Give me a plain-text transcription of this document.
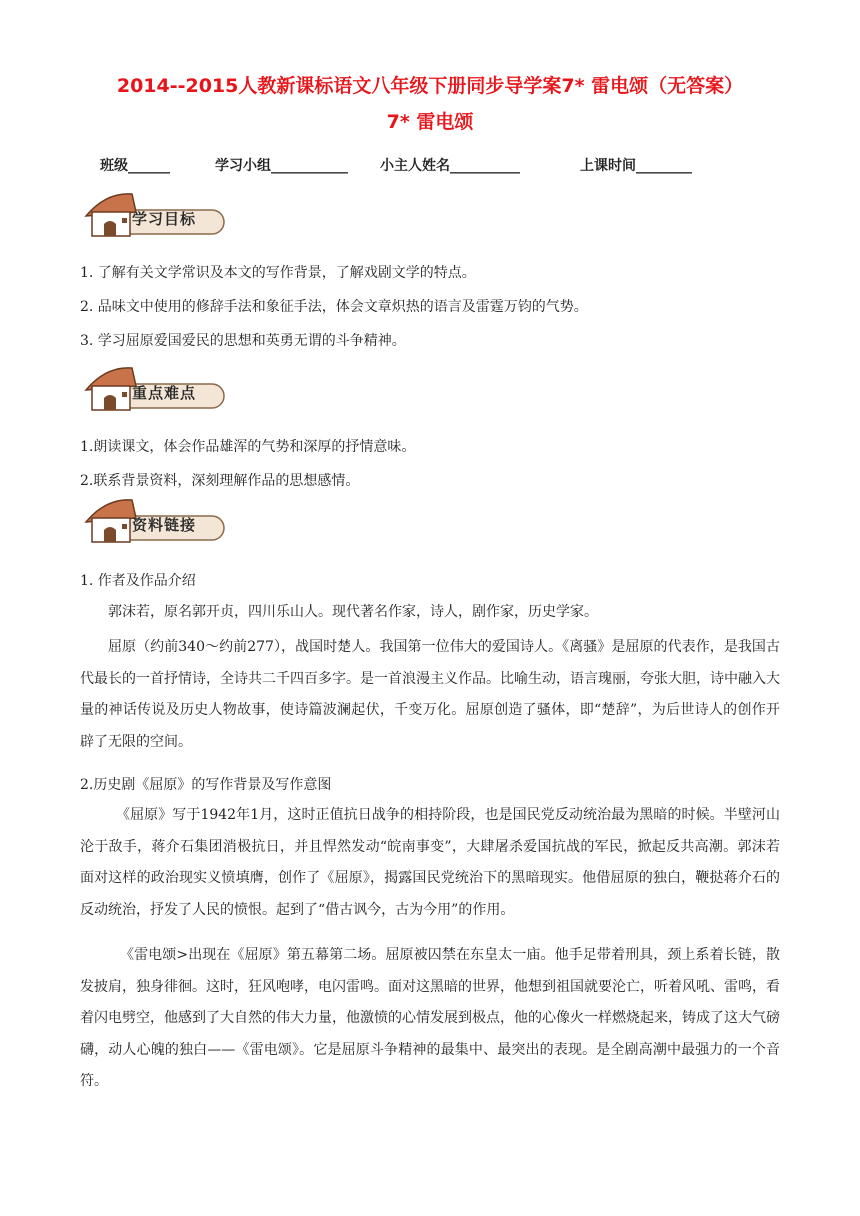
2014--2015人教新课标语文八年级下册同步导学案7* 雷电颂（无答案）
7* 雷电颂
班级______	学习小组___________ 小主人姓名__________	上课时间________
学习目标
1. 了解有关文学常识及本文的写作背景，了解戏剧文学的特点。
2. 品味文中使用的修辞手法和象征手法，体会文章炽热的语言及雷霆万钧的气势。
3. 学习屈原爱国爱民的思想和英勇无谓的斗争精神。
重点难点
1.朗读课文，体会作品雄浑的气势和深厚的抒情意味。
2.联系背景资料，深刻理解作品的思想感情。
资料链接
1. 作者及作品介绍
郭沫若，原名郭开贞，四川乐山人。现代著名作家，诗人，剧作家，历史学家。
屈原（约前340～约前277），战国时楚人。我国第一位伟大的爱国诗人。《离骚》是屈原的代表作，是我国古代最长的一首抒情诗，全诗共二千四百多字。是一首浪漫主义作品。比喻生动，语言瑰丽，夸张大胆，诗中融入大量的神话传说及历史人物故事，使诗篇波澜起伏，千变万化。屈原创造了骚体，即“楚辞”，为后世诗人的创作开辟了无限的空间。
2.历史剧《屈原》的写作背景及写作意图
《屈原》写于1942年1月，这时正值抗日战争的相持阶段，也是国民党反动统治最为黑暗的时候。半壁河山沦于敌手，蒋介石集团消极抗日，并且悍然发动“皖南事变”，大肆屠杀爱国抗战的军民，掀起反共高潮。郭沫若面对这样的政治现实义愤填膺，创作了《屈原》，揭露国民党统治下的黑暗现实。他借屈原的独白，鞭挞蒋介石的反动统治，抒发了人民的愤恨。起到了“借古讽今，古为今用”的作用。
《雷电颂>出现在《屈原》第五幕第二场。屈原被囚禁在东皇太一庙。他手足带着刑具，颈上系着长链，散发披肩，独身徘徊。这时，狂风咆哮，电闪雷鸣。面对这黑暗的世界，他想到祖国就要沦亡，听着风吼、雷鸣，看着闪电劈空，他感到了大自然的伟大力量，他激愤的心情发展到极点，他的心像火一样燃烧起来，铸成了这大气磅礴，动人心魄的独白——《雷电颂》。它是屈原斗争精神的最集中、最突出的表现。是全剧高潮中最强力的一个音符。
